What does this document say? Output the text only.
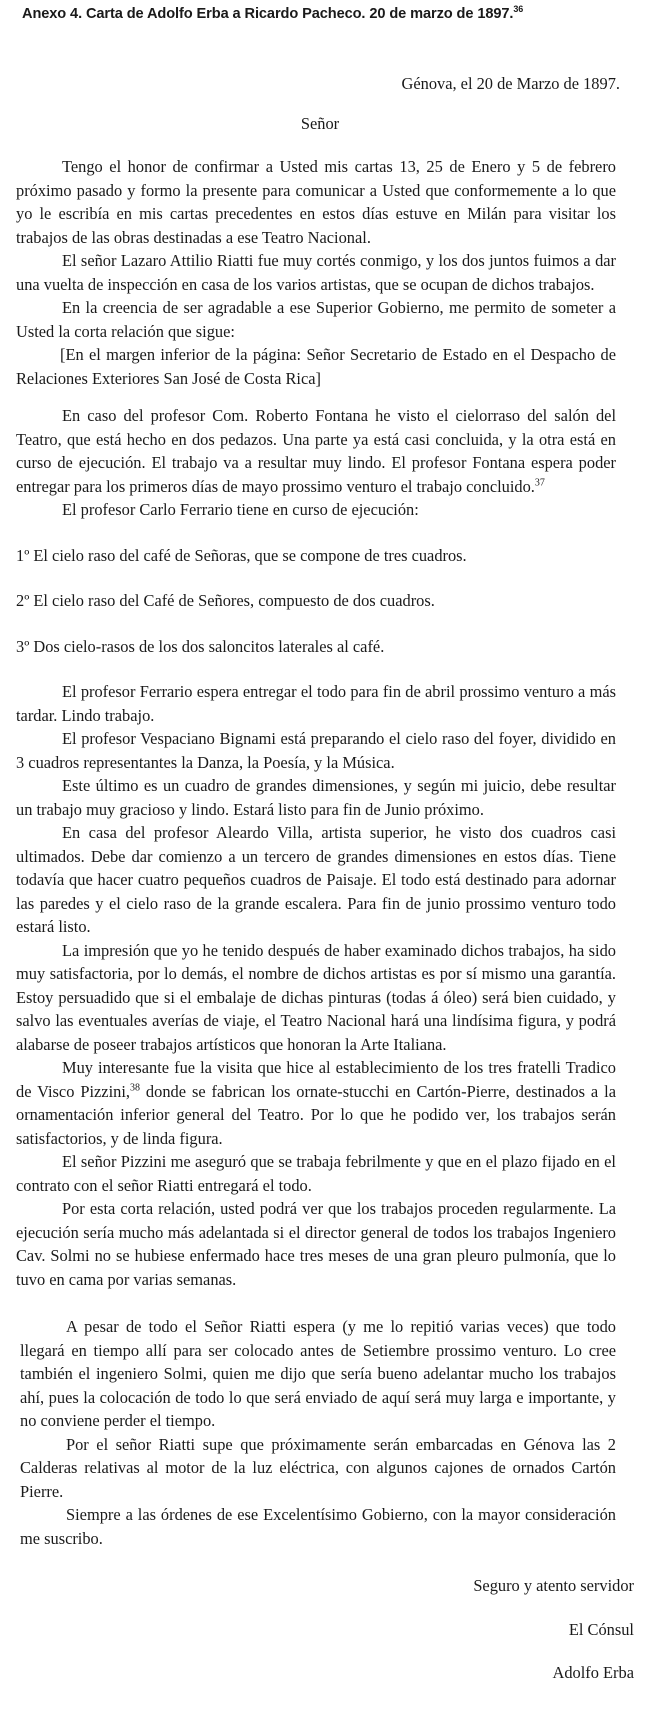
Anexo 4. Carta de Adolfo Erba a Ricardo Pacheco. 20 de marzo de 1897.36

Génova, el 20 de Marzo de 1897.

Señor

Tengo el honor de confirmar a Usted mis cartas 13, 25 de Enero y 5 de febrero próximo pasado y formo la presente para comunicar a Usted que conformemente a lo que yo le escribía en mis cartas precedentes en estos días estuve en Milán para visitar los trabajos de las obras destinadas a ese Teatro Nacional.

El señor Lazaro Attilio Riatti fue muy cortés conmigo, y los dos juntos fuimos a dar una vuelta de inspección en casa de los varios artistas, que se ocupan de dichos trabajos.

En la creencia de ser agradable a ese Superior Gobierno, me permito de someter a Usted la corta relación que sigue:

[En el margen inferior de la página: Señor Secretario de Estado en el Despacho de Relaciones Exteriores San José de Costa Rica]

En caso del profesor Com. Roberto Fontana he visto el cielorraso del salón del Teatro, que está hecho en dos pedazos. Una parte ya está casi concluida, y la otra está en curso de ejecución. El trabajo va a resultar muy lindo. El profesor Fontana espera poder entregar para los primeros días de mayo prossimo venturo el trabajo concluido.$^{37}$

El profesor Carlo Ferrario tiene en curso de ejecución:

1º El cielo raso del café de Señoras, que se compone de tres cuadros.

2º El cielo raso del Café de Señores, compuesto de dos cuadros.

3º Dos cielo-rasos de los dos saloncitos laterales al café.

El profesor Ferrario espera entregar el todo para fin de abril prossimo venturo a más tardar. Lindo trabajo.

El profesor Vespaciano Bignami está preparando el cielo raso del foyer, dividido en 3 cuadros representantes la Danza, la Poesía, y la Música.

Este último es un cuadro de grandes dimensiones, y según mi juicio, debe resultar un trabajo muy gracioso y lindo. Estará listo para fin de Junio próximo.

En casa del profesor Aleardo Villa, artista superior, he visto dos cuadros casi ultimados. Debe dar comienzo a un tercero de grandes dimensiones en estos días. Tiene todavía que hacer cuatro pequeños cuadros de Paisaje. El todo está destinado para adornar las paredes y el cielo raso de la grande escalera. Para fin de junio prossimo venturo todo estará listo.

La impresión que yo he tenido después de haber examinado dichos trabajos, ha sido muy satisfactoria, por lo demás, el nombre de dichos artistas es por sí mismo una garantía. Estoy persuadido que si el embalaje de dichas pinturas (todas á óleo) será bien cuidado, y salvo las eventuales averías de viaje, el Teatro Nacional hará una lindísima figura, y podrá alabarse de poseer trabajos artísticos que honoran la Arte Italiana.

Muy interesante fue la visita que hice al establecimiento de los tres fratelli Tradico de Visco Pizzini,$^{38}$ donde se fabrican los ornate-stucchi en Cartón-Pierre, destinados a la ornamentación inferior general del Teatro. Por lo que he podido ver, los trabajos serán satisfactorios, y de linda figura.

El señor Pizzini me aseguró que se trabaja febrilmente y que en el plazo fijado en el contrato con el señor Riatti entregará el todo.

Por esta corta relación, usted podrá ver que los trabajos proceden regularmente. La ejecución sería mucho más adelantada si el director general de todos los trabajos Ingeniero Cav. Solmi no se hubiese enfermado hace tres meses de una gran pleuro pulmonía, que lo tuvo en cama por varias semanas.

A pesar de todo el Señor Riatti espera (y me lo repitió varias veces) que todo llegará en tiempo allí para ser colocado antes de Setiembre prossimo venturo. Lo cree también el ingeniero Solmi, quien me dijo que sería bueno adelantar mucho los trabajos ahí, pues la colocación de todo lo que será enviado de aquí será muy larga e importante, y no conviene perder el tiempo.

Por el señor Riatti supe que próximamente serán embarcadas en Génova las 2 Calderas relativas al motor de la luz eléctrica, con algunos cajones de ornados Cartón Pierre.

Siempre a las órdenes de ese Excelentísimo Gobierno, con la mayor consideración me suscribo.

Seguro y atento servidor

El Cónsul

Adolfo Erba
